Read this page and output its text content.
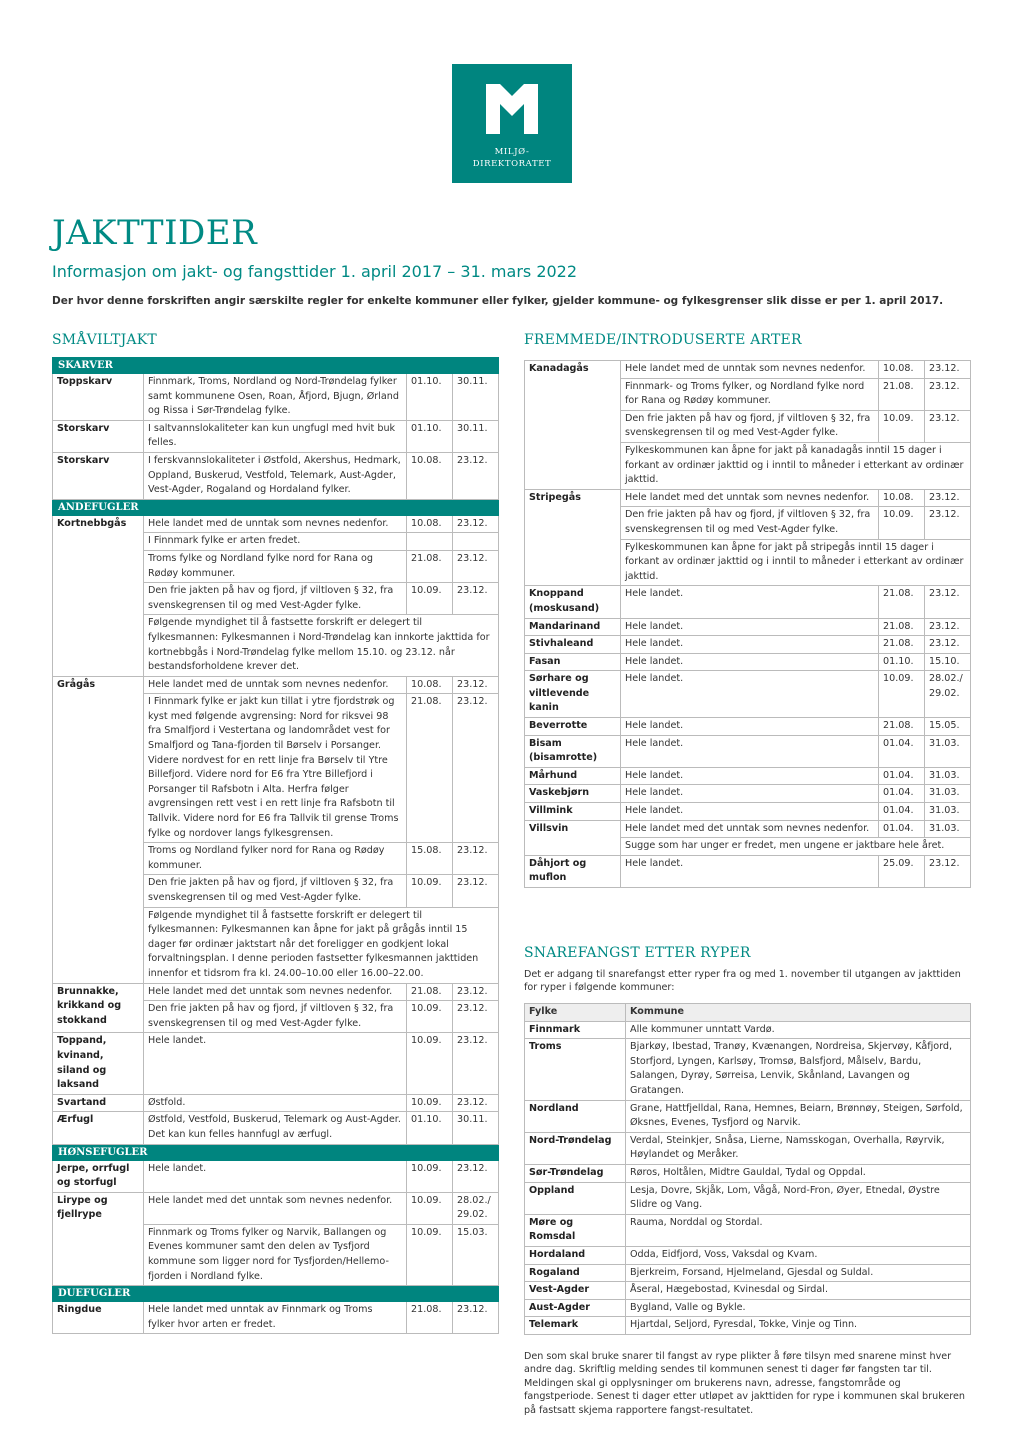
MILJØ-
DIREKTORATET
JAKTTIDER
Informasjon om jakt- og fangsttider 1. april 2017 – 31. mars 2022
Der hvor denne forskriften angir særskilte regler for enkelte kommuner eller fylker, gjelder kommune- og fylkesgrenser slik disse er per 1. april 2017.
SMÅVILTJAKT
SKARVER			
Toppskarv	Finnmark, Troms, Nordland og Nord-Trøndelag fylker samt kommunene Osen, Roan, Åfjord, Bjugn, Ørland og Rissa i Sør-Trøndelag fylke.	01.10.	30.11.
Storskarv	I saltvannslokaliteter kan kun ungfugl med hvit buk felles.	01.10.	30.11.
Storskarv	I ferskvannslokaliteter i Østfold, Akershus, Hedmark, Oppland, Buskerud, Vestfold, Telemark, Aust-Agder, Vest-Agder, Rogaland og Hordaland fylker.	10.08.	23.12.
ANDEFUGLER			
Kortnebbgås	Hele landet med de unntak som nevnes nedenfor.	10.08.	23.12.
	I Finnmark fylke er arten fredet.		
	Troms fylke og Nordland fylke nord for Rana og Rødøy kommuner.	21.08.	23.12.
	Den frie jakten på hav og fjord, jf viltloven § 32, fra svenskegrensen til og med Vest-Agder fylke.	10.09.	23.12.
	Følgende myndighet til å fastsette forskrift er delegert til fylkesmannen: Fylkesmannen i Nord-Trøndelag kan innkorte jakttida for kortnebbgås i Nord-Trøndelag fylke mellom 15.10. og 23.12. når bestandsforholdene krever det.		
Grågås	Hele landet med de unntak som nevnes nedenfor.	10.08.	23.12.
	I Finnmark fylke er jakt kun tillat i ytre fjordstrøk og kyst med følgende avgrensing: Nord for riksvei 98 fra Smalfjord i Vestertana og landområdet vest for Smalfjord og Tana-fjorden til Børselv i Porsanger. Videre nordvest for en rett linje fra Børselv til Ytre Billefjord. Videre nord for E6 fra Ytre Billefjord i Porsanger til Rafsbotn i Alta. Herfra følger avgrensingen rett vest i en rett linje fra Rafsbotn til Tallvik. Videre nord for E6 fra Tallvik til grense Troms fylke og nordover langs fylkesgrensen.	21.08.	23.12.
	Troms og Nordland fylker nord for Rana og Rødøy kommuner.	15.08.	23.12.
	Den frie jakten på hav og fjord, jf viltloven § 32, fra svenskegrensen til og med Vest-Agder fylke.	10.09.	23.12.
	Følgende myndighet til å fastsette forskrift er delegert til fylkesmannen: Fylkesmannen kan åpne for jakt på grågås inntil 15 dager før ordinær jaktstart når det foreligger en godkjent lokal forvaltningsplan. I denne perioden fastsetter fylkesmannen jakttiden innenfor et tidsrom fra kl. 24.00–10.00 eller 16.00–22.00.		
Brunnakke, krikkand og stokkand	Hele landet med det unntak som nevnes nedenfor.	21.08.	23.12.
	Den frie jakten på hav og fjord, jf viltloven § 32, fra svenskegrensen til og med Vest-Agder fylke.	10.09.	23.12.
Toppand, kvinand, siland og laksand	Hele landet.	10.09.	23.12.
Svartand	Østfold.	10.09.	23.12.
Ærfugl	Østfold, Vestfold, Buskerud, Telemark og Aust-Agder. Det kan kun felles hannfugl av ærfugl.	01.10.	30.11.
HØNSEFUGLER			
Jerpe, orrfugl og storfugl	Hele landet.	10.09.	23.12.
Lirype og fjellrype	Hele landet med det unntak som nevnes nedenfor.	10.09.	28.02./ 29.02.
	Finnmark og Troms fylker og Narvik, Ballangen og Evenes kommuner samt den delen av Tysfjord kommune som ligger nord for Tysfjorden/Hellemo-fjorden i Nordland fylke.	10.09.	15.03.
DUEFUGLER			
Ringdue	Hele landet med unntak av Finnmark og Troms fylker hvor arten er fredet.	21.08.	23.12.
FREMMEDE/INTRODUSERTE ARTER
Kanadagås	Hele landet med de unntak som nevnes nedenfor.	10.08.	23.12.
	Finnmark- og Troms fylker, og Nordland fylke nord for Rana og Rødøy kommuner.	21.08.	23.12.
	Den frie jakten på hav og fjord, jf viltloven § 32, fra svenskegrensen til og med Vest-Agder fylke.	10.09.	23.12.
	Fylkeskommunen kan åpne for jakt på kanadagås inntil 15 dager i forkant av ordinær jakttid og i inntil to måneder i etterkant av ordinær jakttid.		
Stripegås	Hele landet med det unntak som nevnes nedenfor.	10.08.	23.12.
	Den frie jakten på hav og fjord, jf viltloven § 32, fra svenskegrensen til og med Vest-Agder fylke.	10.09.	23.12.
	Fylkeskommunen kan åpne for jakt på stripegås inntil 15 dager i forkant av ordinær jakttid og i inntil to måneder i etterkant av ordinær jakttid.		
Knoppand (moskusand)	Hele landet.	21.08.	23.12.
Mandarinand	Hele landet.	21.08.	23.12.
Stivhaleand	Hele landet.	21.08.	23.12.
Fasan	Hele landet.	01.10.	15.10.
Sørhare og viltlevende kanin	Hele landet.	10.09.	28.02./ 29.02.
Beverrotte	Hele landet.	21.08.	15.05.
Bisam (bisamrotte)	Hele landet.	01.04.	31.03.
Mårhund	Hele landet.	01.04.	31.03.
Vaskebjørn	Hele landet.	01.04.	31.03.
Villmink	Hele landet.	01.04.	31.03.
Villsvin	Hele landet med det unntak som nevnes nedenfor.	01.04.	31.03.
	Sugge som har unger er fredet, men ungene er jaktbare hele året.		
Dåhjort og muflon	Hele landet.	25.09.	23.12.
SNAREFANGST ETTER RYPER

Det er adgang til snarefangst etter ryper fra og med 1. november til utgangen av jakttiden for ryper i følgende kommuner:

Fylke	Kommune
Finnmark	Alle kommuner unntatt Vardø.
Troms	Bjarkøy, Ibestad, Tranøy, Kvænangen, Nordreisa, Skjervøy, Kåfjord, Storfjord, Lyngen, Karlsøy, Tromsø, Balsfjord, Målselv, Bardu, Salangen, Dyrøy, Sørreisa, Lenvik, Skånland, Lavangen og Gratangen.
Nordland	Grane, Hattfjelldal, Rana, Hemnes, Beiarn, Brønnøy, Steigen, Sørfold, Øksnes, Evenes, Tysfjord og Narvik.
Nord-Trøndelag	Verdal, Steinkjer, Snåsa, Lierne, Namsskogan, Overhalla, Røyrvik, Høylandet og Meråker.
Sør-Trøndelag	Røros, Holtålen, Midtre Gauldal, Tydal og Oppdal.
Oppland	Lesja, Dovre, Skjåk, Lom, Vågå, Nord-Fron, Øyer, Etnedal, Øystre Slidre og Vang.
Møre og Romsdal	Rauma, Norddal og Stordal.
Hordaland	Odda, Eidfjord, Voss, Vaksdal og Kvam.
Rogaland	Bjerkreim, Forsand, Hjelmeland, Gjesdal og Suldal.
Vest-Agder	Åseral, Hægebostad, Kvinesdal og Sirdal.
Aust-Agder	Bygland, Valle og Bykle.
Telemark	Hjartdal, Seljord, Fyresdal, Tokke, Vinje og Tinn.

Den som skal bruke snarer til fangst av rype plikter å føre tilsyn med snarene minst hver andre dag. Skriftlig melding sendes til kommunen senest ti dager før fangsten tar til. Meldingen skal gi opplysninger om brukerens navn, adresse, fangstområde og fangstperiode. Senest ti dager etter utløpet av jakttiden for rype i kommunen skal brukeren på fastsatt skjema rapportere fangst-resultatet.
